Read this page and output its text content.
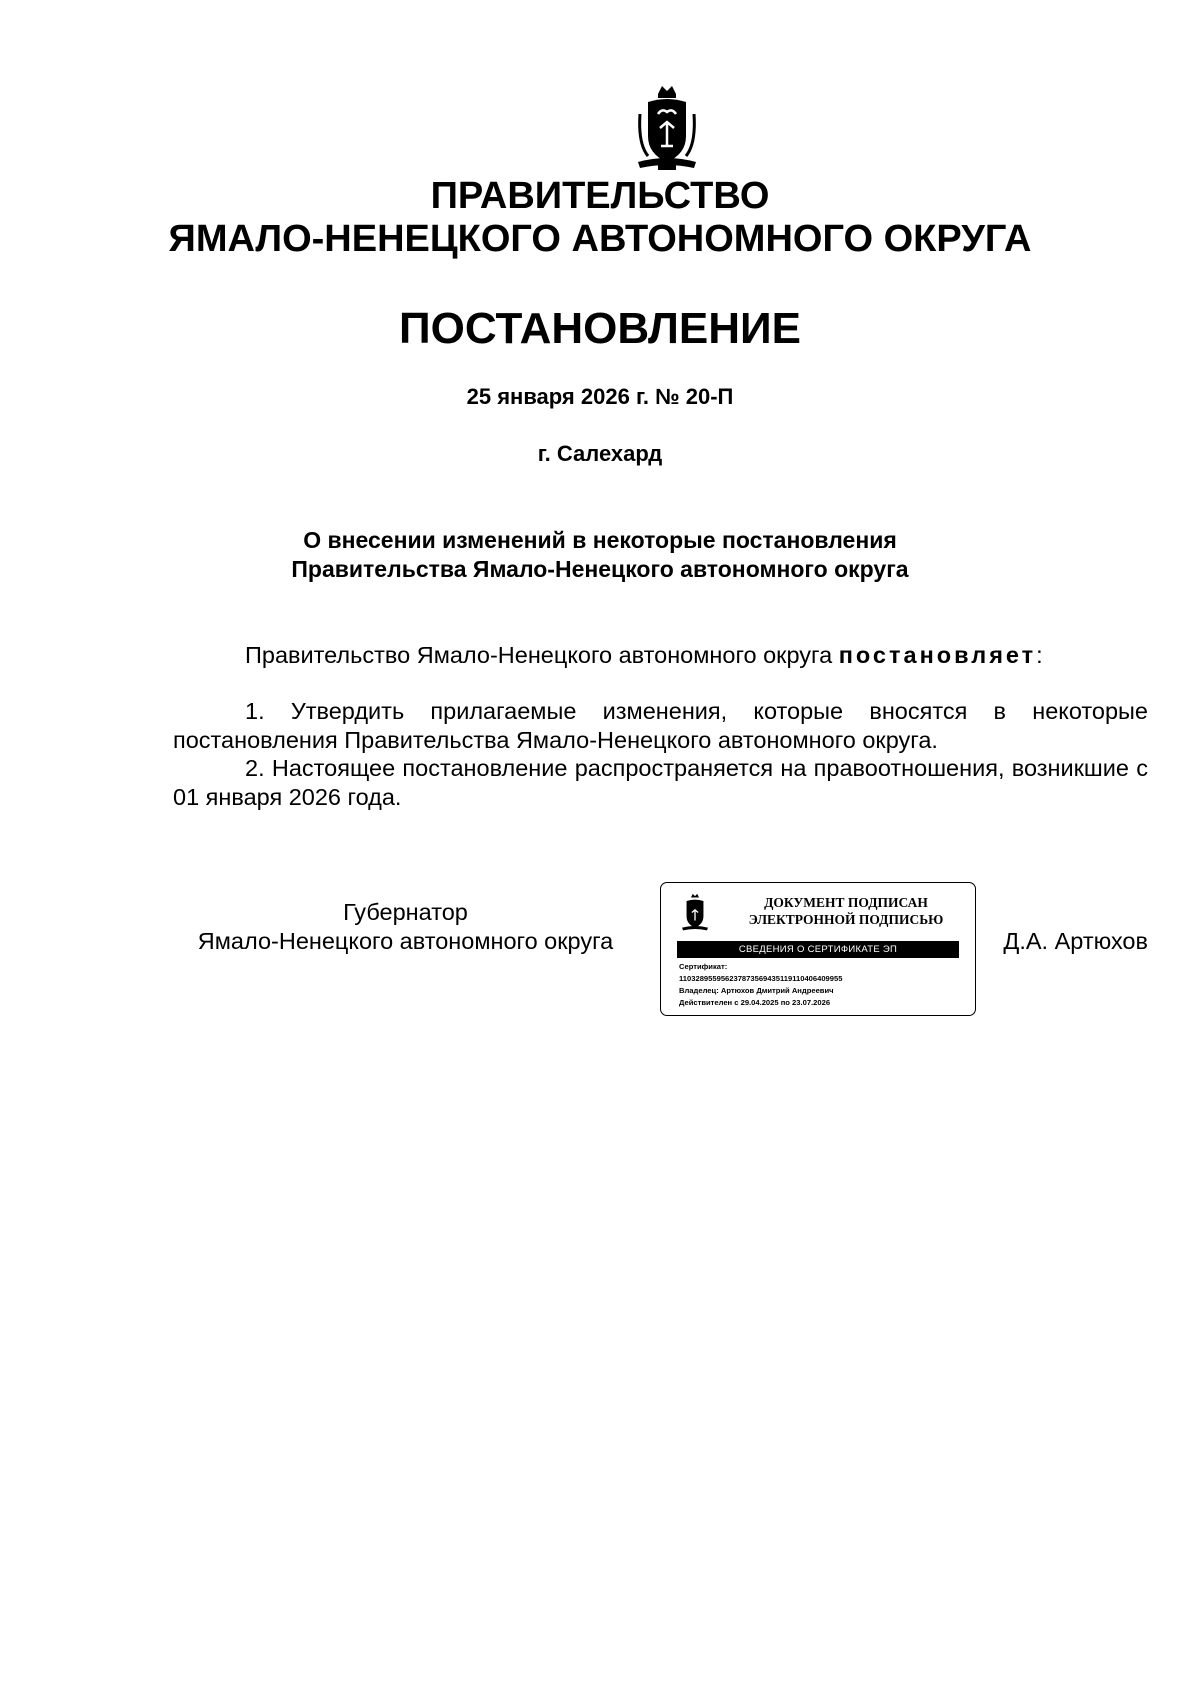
ПРАВИТЕЛЬСТВО
ЯМАЛО-НЕНЕЦКОГО АВТОНОМНОГО ОКРУГА
ПОСТАНОВЛЕНИЕ
25 января 2026 г. № 20-П
г. Салехард
О внесении изменений в некоторые постановления
Правительства Ямало-Ненецкого автономного округа
Правительство Ямало-Ненецкого автономного округа постановляет:
1. Утвердить прилагаемые изменения, которые вносятся в некоторые постановления Правительства Ямало-Ненецкого автономного округа.
2. Настоящее постановление распространяется на правоотношения, возникшие с 01 января 2026 года.
Губернатор
Ямало-Ненецкого автономного округа
ДОКУМЕНТ ПОДПИСАН
ЭЛЕКТРОННОЙ ПОДПИСЬЮ
СВЕДЕНИЯ О СЕРТИФИКАТЕ ЭП
Сертификат:
110328955956237873569435119110406409955
Владелец: Артюхов Дмитрий Андреевич
Действителен с 29.04.2025 по 23.07.2026
Д.А. Артюхов
